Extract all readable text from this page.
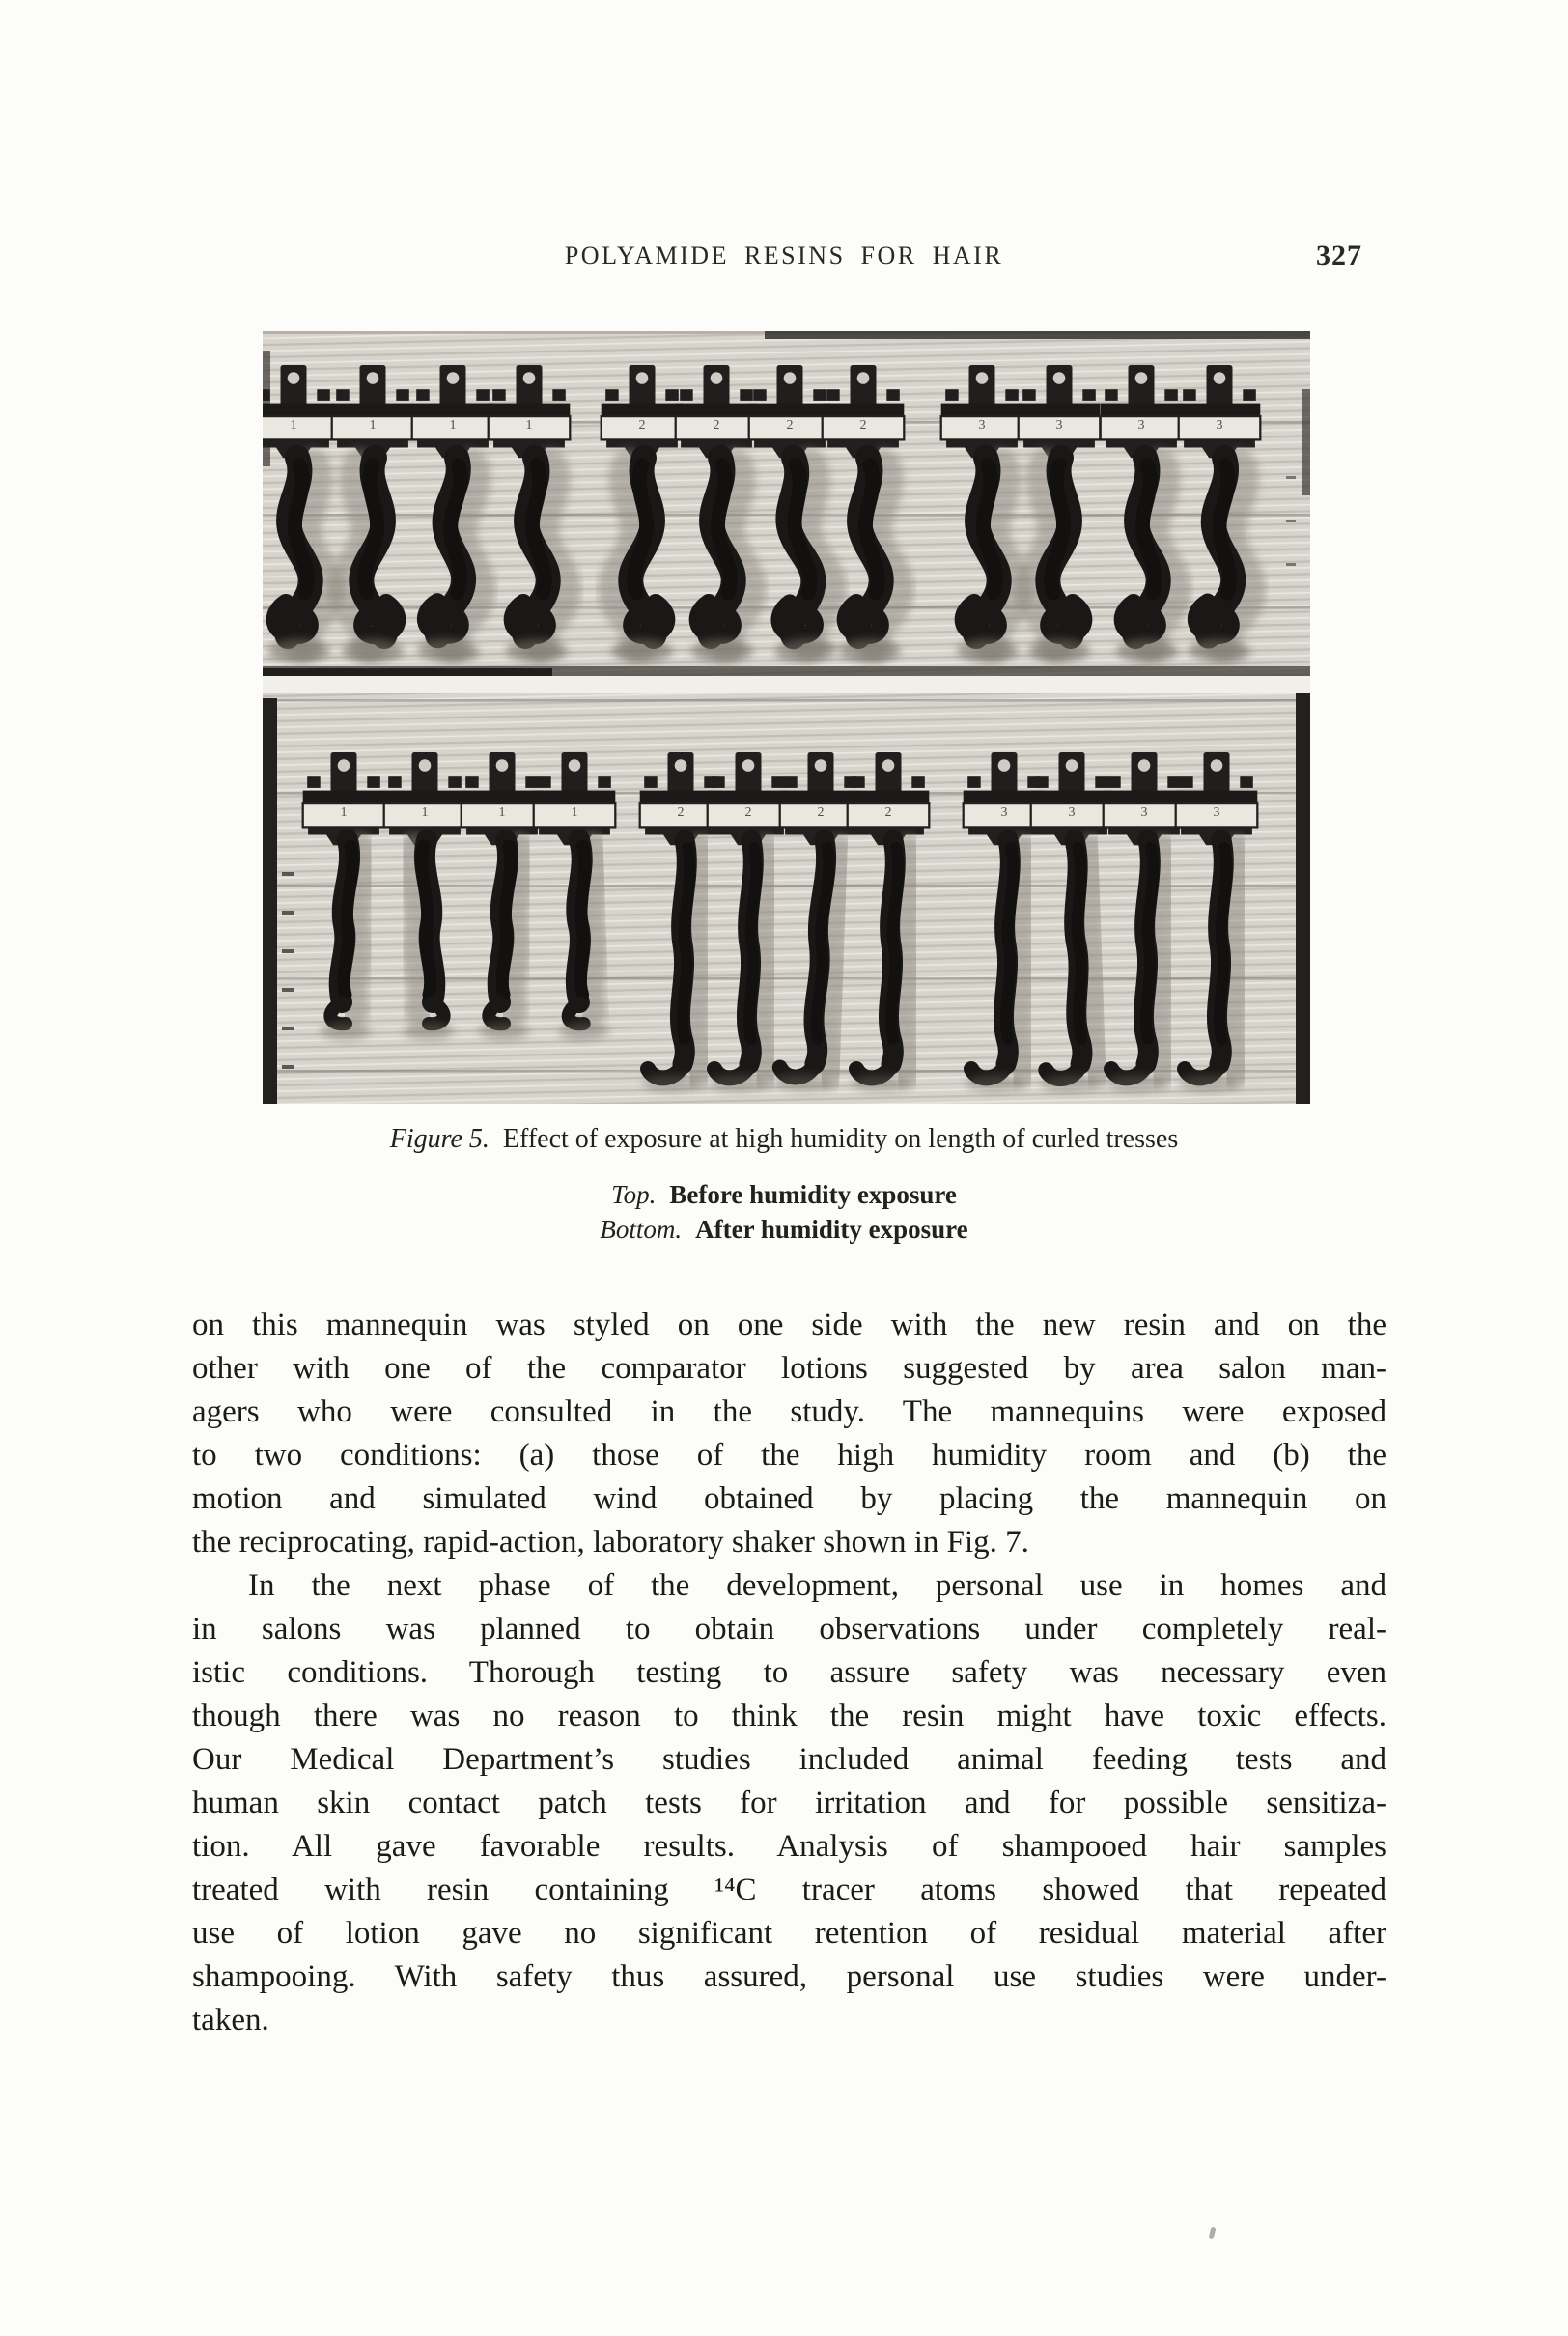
POLYAMIDE RESINS FOR HAIR	327
1	1	1	1	2	2	2	2	3	3	3	3
1	1	1	1	2	2	2	2	3	3	3	3
Figure 5. Effect of exposure at high humidity on length of curled tresses
Top. Before humidity exposure
Bottom. After humidity exposure
on this mannequin was styled on one side with the new resin and on the
other with one of the comparator lotions suggested by area salon man-
agers who were consulted in the study. The mannequins were exposed
to two conditions: (a) those of the high humidity room and (b) the
motion and simulated wind obtained by placing the mannequin on
the reciprocating, rapid-action, laboratory shaker shown in Fig. 7.
In the next phase of the development, personal use in homes and
in salons was planned to obtain observations under completely real-
istic conditions. Thorough testing to assure safety was necessary even
though there was no reason to think the resin might have toxic effects.
Our Medical Department’s studies included animal feeding tests and
human skin contact patch tests for irritation and for possible sensitiza-
tion. All gave favorable results. Analysis of shampooed hair samples
treated with resin containing ¹⁴C tracer atoms showed that repeated
use of lotion gave no significant retention of residual material after
shampooing. With safety thus assured, personal use studies were under-
taken.
